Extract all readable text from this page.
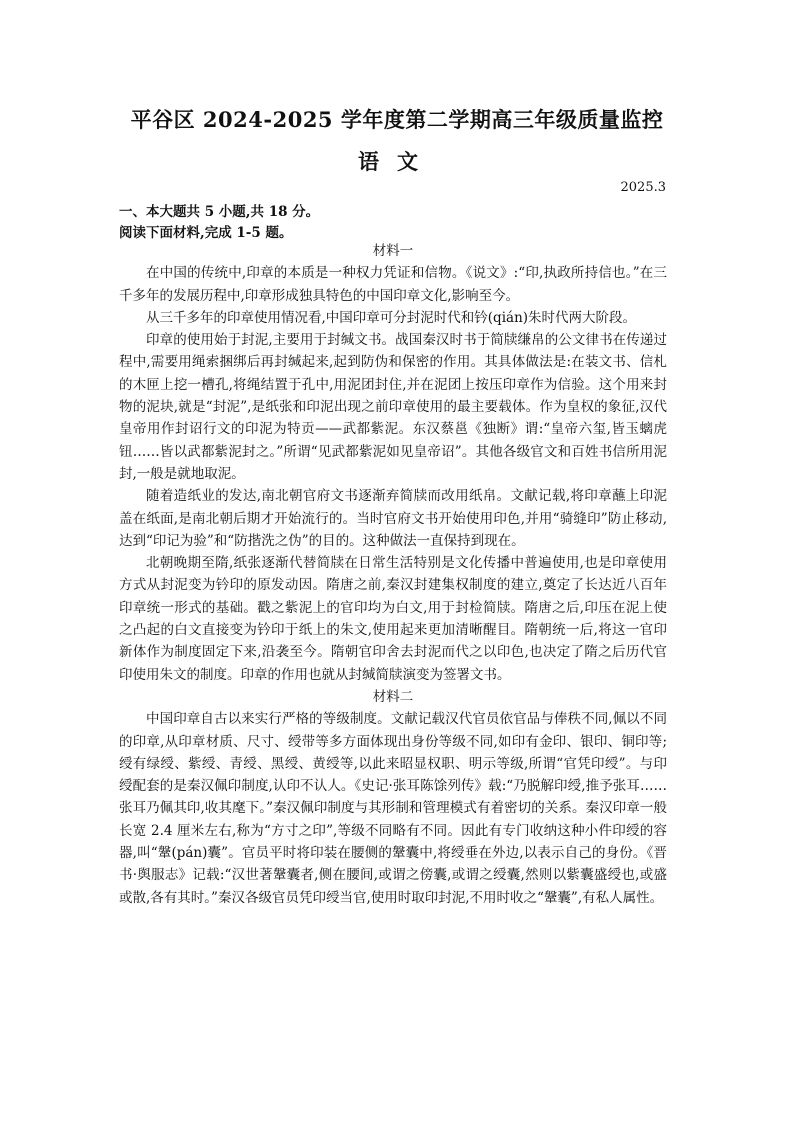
平谷区 2024-2025 学年度第二学期高三年级质量监控
语文
2025.3
一、本大题共 5 小题,共 18 分。
阅读下面材料,完成 1-5 题。
材料一

在中国的传统中,印章的本质是一种权力凭证和信物。《说文》:“印,执政所持信也。”在三千多年的发展历程中,印章形成独具特色的中国印章文化,影响至今。

从三千多年的印章使用情况看,中国印章可分封泥时代和钤(qián)朱时代两大阶段。

印章的使用始于封泥,主要用于封缄文书。战国秦汉时书于简牍缣帛的公文律书在传递过程中,需要用绳索捆绑后再封缄起来,起到防伪和保密的作用。其具体做法是:在装文书、信札的木匣上挖一槽孔,将绳结置于孔中,用泥团封住,并在泥团上按压印章作为信验。这个用来封物的泥块,就是“封泥”,是纸张和印泥出现之前印章使用的最主要载体。作为皇权的象征,汉代皇帝用作封诏行文的印泥为特贡——武都紫泥。东汉蔡邕《独断》谓:“皇帝六玺,皆玉螭虎钮……皆以武都紫泥封之。”所谓“见武都紫泥如见皇帝诏”。其他各级官文和百姓书信所用泥封,一般是就地取泥。

随着造纸业的发达,南北朝官府文书逐渐弃简牍而改用纸帛。文献记载,将印章蘸上印泥盖在纸面,是南北朝后期才开始流行的。当时官府文书开始使用印色,并用“骑缝印”防止移动,达到“印记为验”和“防揩洗之伪”的目的。这种做法一直保持到现在。

北朝晚期至隋,纸张逐渐代替简牍在日常生活特别是文化传播中普遍使用,也是印章使用方式从封泥变为钤印的原发动因。隋唐之前,秦汉封建集权制度的建立,奠定了长达近八百年印章统一形式的基础。戳之紫泥上的官印均为白文,用于封检简牍。隋唐之后,印压在泥上使之凸起的白文直接变为钤印于纸上的朱文,使用起来更加清晰醒目。隋朝统一后,将这一官印新体作为制度固定下来,沿袭至今。隋朝官印舍去封泥而代之以印色,也决定了隋之后历代官印使用朱文的制度。印章的作用也就从封缄简牍演变为签署文书。

材料二

中国印章自古以来实行严格的等级制度。文献记载汉代官员依官品与俸秩不同,佩以不同的印章,从印章材质、尺寸、绶带等多方面体现出身份等级不同,如印有金印、银印、铜印等;绶有绿绶、紫绶、青绶、黑绶、黄绶等,以此来昭显权职、明示等级,所谓“官凭印绶”。与印绶配套的是秦汉佩印制度,认印不认人。《史记·张耳陈馀列传》载:“乃脱解印绶,推予张耳……张耳乃佩其印,收其麾下。”秦汉佩印制度与其形制和管理模式有着密切的关系。秦汉印章一般长宽 2.4 厘米左右,称为“方寸之印”,等级不同略有不同。因此有专门收纳这种小件印绶的容器,叫“鞶(pán)囊”。官员平时将印装在腰侧的鞶囊中,将绶垂在外边,以表示自己的身份。《晋书·舆服志》记载:“汉世著鞶囊者,侧在腰间,或谓之傍囊,或谓之绶囊,然则以紫囊盛绶也,或盛或散,各有其时。”秦汉各级官员凭印绶当官,使用时取印封泥,不用时收之“鞶囊”,有私人属性。
